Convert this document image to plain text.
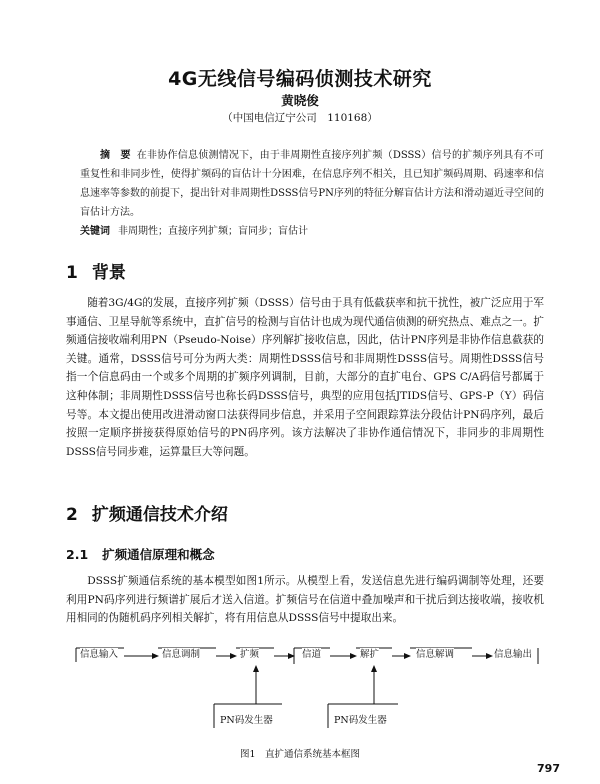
4G无线信号编码侦测技术研究
黄晓俊
（中国电信辽宁公司　110168）

摘　要 在非协作信息侦测情况下，由于非周期性直接序列扩频（DSSS）信号的扩频序列具有不可重复性和非同步性，使得扩频码的盲估计十分困难，在信息序列不相关，且已知扩频码周期、码速率和信息速率等参数的前提下，提出针对非周期性DSSS信号PN序列的特征分解盲估计方法和滑动逼近寻空间的盲估计方法。

关键词 非周期性；直接序列扩频；盲同步；盲估计

1 背景

随着3G/4G的发展，直接序列扩频（DSSS）信号由于具有低截获率和抗干扰性，被广泛应用于军事通信、卫星导航等系统中，直扩信号的检测与盲估计也成为现代通信侦测的研究热点、难点之一。扩频通信接收端利用PN（Pseudo-Noise）序列解扩接收信息，因此，估计PN序列是非协作信息截获的关键。通常，DSSS信号可分为两大类：周期性DSSS信号和非周期性DSSS信号。周期性DSSS信号指一个信息码由一个或多个周期的扩频序列调制，目前，大部分的直扩电台、GPS C/A码信号都属于这种体制；非周期性DSSS信号也称长码DSSS信号，典型的应用包括JTIDS信号、GPS-P（Y）码信号等。本文提出使用改进滑动窗口法获得同步信息，并采用子空间跟踪算法分段估计PN码序列，最后按照一定顺序拼接获得原始信号的PN码序列。该方法解决了非协作通信情况下，非同步的非周期性DSSS信号同步难，运算量巨大等问题。

2 扩频通信技术介绍
2.1 扩频通信原理和概念

DSSS扩频通信系统的基本模型如图1所示。从模型上看，发送信息先进行编码调制等处理，还要利用PN码序列进行频谱扩展后才送入信道。扩频信号在信道中叠加噪声和干扰后到达接收端，接收机用相同的伪随机码序列相关解扩，将有用信息从DSSS信号中提取出来。

信息输入	信息调制	扩频	信道	解扩	信息解调	信息输出
PN码发生器	PN码发生器
图1　直扩通信系统基本框图
797
